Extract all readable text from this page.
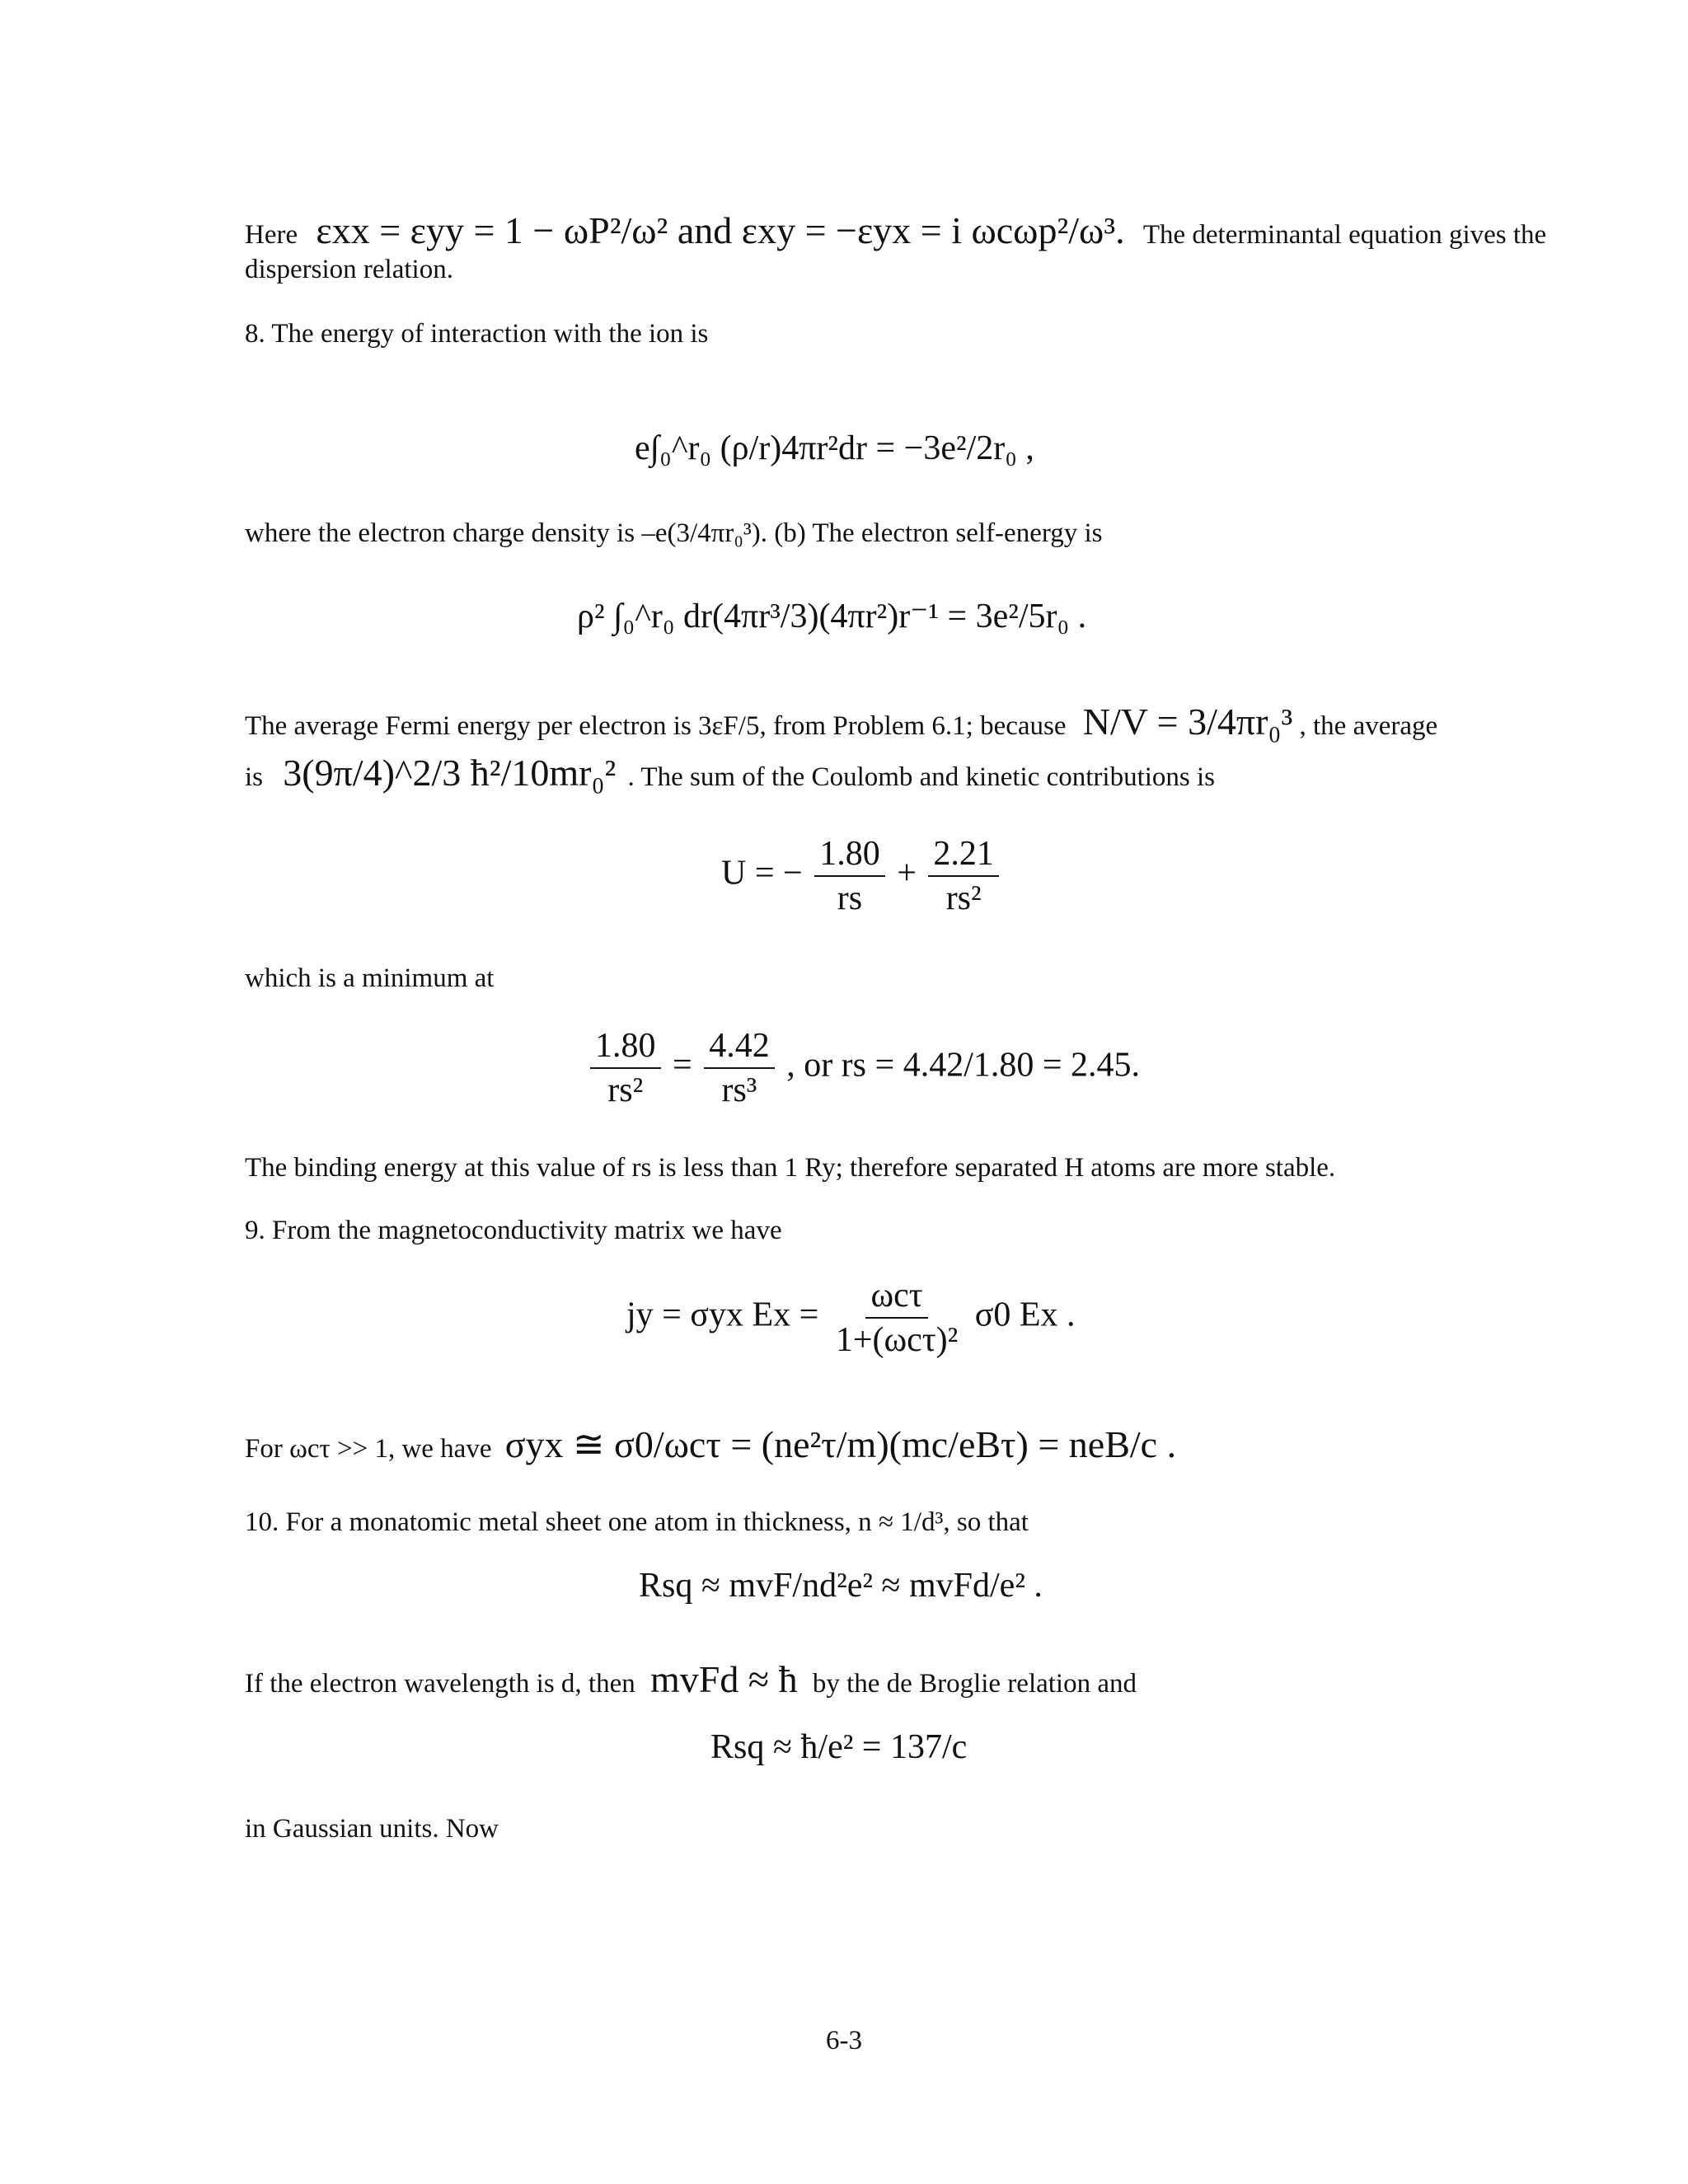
Here εxx = εyy = 1 − ωP²/ω² and εxy = −εyx = i ωcωp²/ω³. The determinantal equation gives the
dispersion relation.
8. The energy of interaction with the ion is
e∫₀^r₀ (ρ/r)4πr²dr = −3e²/2r₀ ,
where the electron charge density is –e(3/4πr₀³). (b) The electron self-energy is
ρ² ∫₀^r₀ dr(4πr³/3)(4πr²)r⁻¹ = 3e²/5r₀ .
The average Fermi energy per electron is 3εF/5, from Problem 6.1; because N/V = 3/4πr₀³ , the average
is 3(9π/4)^2/3 ħ²/10mr₀² . The sum of the Coulomb and kinetic contributions is
U = − $\frac{1.80}{rs} + \frac{2.21}{\text{rs²}}$
which is a minimum at
$\frac{1.80}{\text{rs²}} = \frac{4.42}{\text{rs³}}$ , or rs = 4.42/1.80 = 2.45.
The binding energy at this value of rs is less than 1 Ry; therefore separated H atoms are more stable.
9. From the magnetoconductivity matrix we have
jy = σyx $Ex = \frac{\text{ωcτ}}{\text{1+(ωcτ)²}} \sigma 0$ Ex .
For ωcτ >> 1, we have σyx ≅ σ0/ωcτ = (ne²τ/m)(mc/eBτ) = neB/c .
10. For a monatomic metal sheet one atom in thickness, n ≈ 1/d³, so that
Rsq ≈ mvF/nd²e² ≈ mvFd/e² .
If the electron wavelength is d, then mvFd ≈ ħ by the de Broglie relation and
Rsq ≈ ħ/e² = 137/c
in Gaussian units. Now
6-3
